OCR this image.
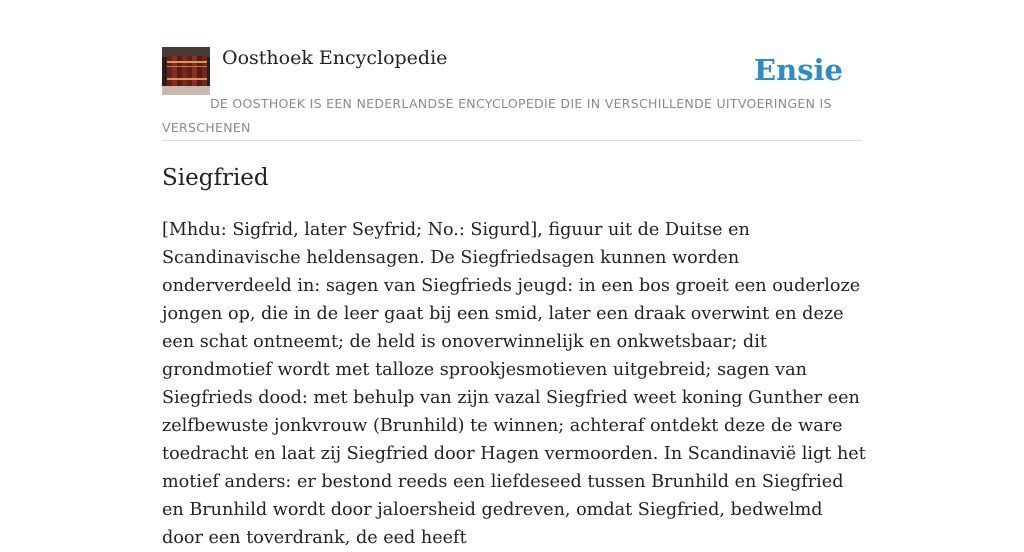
Oosthoek Encyclopedie	Ensie
DE OOSTHOEK IS EEN NEDERLANDSE ENCYCLOPEDIE DIE IN VERSCHILLENDE UITVOERINGEN IS VERSCHENEN
Siegfried

[Mhdu: Sigfrid, later Seyfrid; No.: Sigurd], figuur uit de Duitse en Scandinavische heldensagen. De Siegfriedsagen kunnen worden onderverdeeld in: sagen van Siegfrieds jeugd: in een bos groeit een ouderloze jongen op, die in de leer gaat bij een smid, later een draak overwint en deze een schat ontneemt; de held is onoverwinnelijk en onkwetsbaar; dit grondmotief wordt met talloze sprookjesmotieven uitgebreid; sagen van Siegfrieds dood: met behulp van zijn vazal Siegfried weet koning Gunther een zelfbewuste jonkvrouw (Brunhild) te winnen; achteraf ontdekt deze de ware toedracht en laat zij Siegfried door Hagen vermoorden. In Scandinavië ligt het motief anders: er bestond reeds een liefdeseed tussen Brunhild en Siegfried en Brunhild wordt door jaloersheid gedreven, omdat Siegfried, bedwelmd door een toverdrank, de eed heeft
